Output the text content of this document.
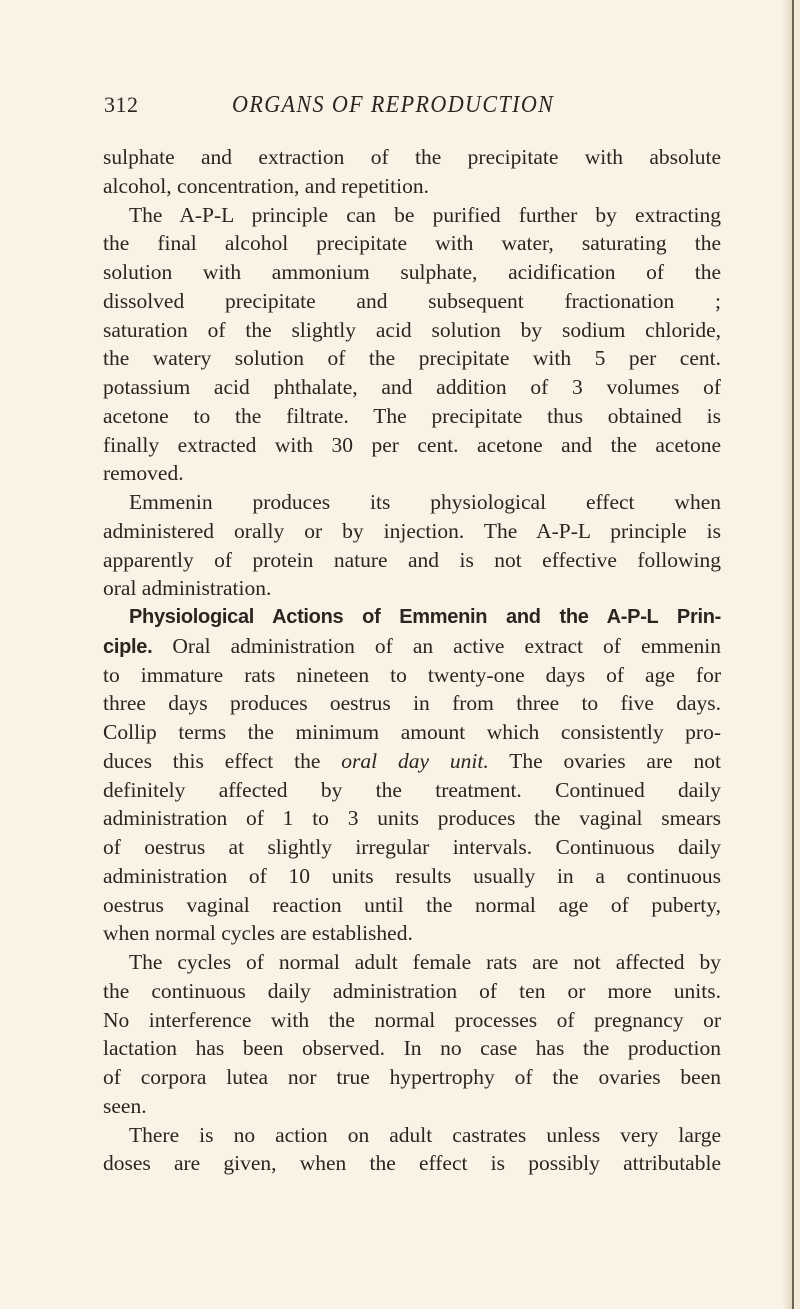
312	ORGANS OF REPRODUCTION
sulphate and extraction of the precipitate with absolute
alcohol, concentration, and repetition.
The A-P-L principle can be purified further by extracting
the final alcohol precipitate with water, saturating the
solution with ammonium sulphate, acidification of the
dissolved precipitate and subsequent fractionation ;
saturation of the slightly acid solution by sodium chloride,
the watery solution of the precipitate with 5 per cent.
potassium acid phthalate, and addition of 3 volumes of
acetone to the filtrate. The precipitate thus obtained is
finally extracted with 30 per cent. acetone and the acetone
removed.
Emmenin produces its physiological effect when
administered orally or by injection. The A-P-L principle is
apparently of protein nature and is not effective following
oral administration.
Physiological Actions of Emmenin and the A-P-L Prin-
ciple. Oral administration of an active extract of emmenin
to immature rats nineteen to twenty-one days of age for
three days produces oestrus in from three to five days.
Collip terms the minimum amount which consistently pro-
duces this effect the oral day unit. The ovaries are not
definitely affected by the treatment. Continued daily
administration of 1 to 3 units produces the vaginal smears
of oestrus at slightly irregular intervals. Continuous daily
administration of 10 units results usually in a continuous
oestrus vaginal reaction until the normal age of puberty,
when normal cycles are established.
The cycles of normal adult female rats are not affected by
the continuous daily administration of ten or more units.
No interference with the normal processes of pregnancy or
lactation has been observed. In no case has the production
of corpora lutea nor true hypertrophy of the ovaries been
seen.
There is no action on adult castrates unless very large
doses are given, when the effect is possibly attributable
